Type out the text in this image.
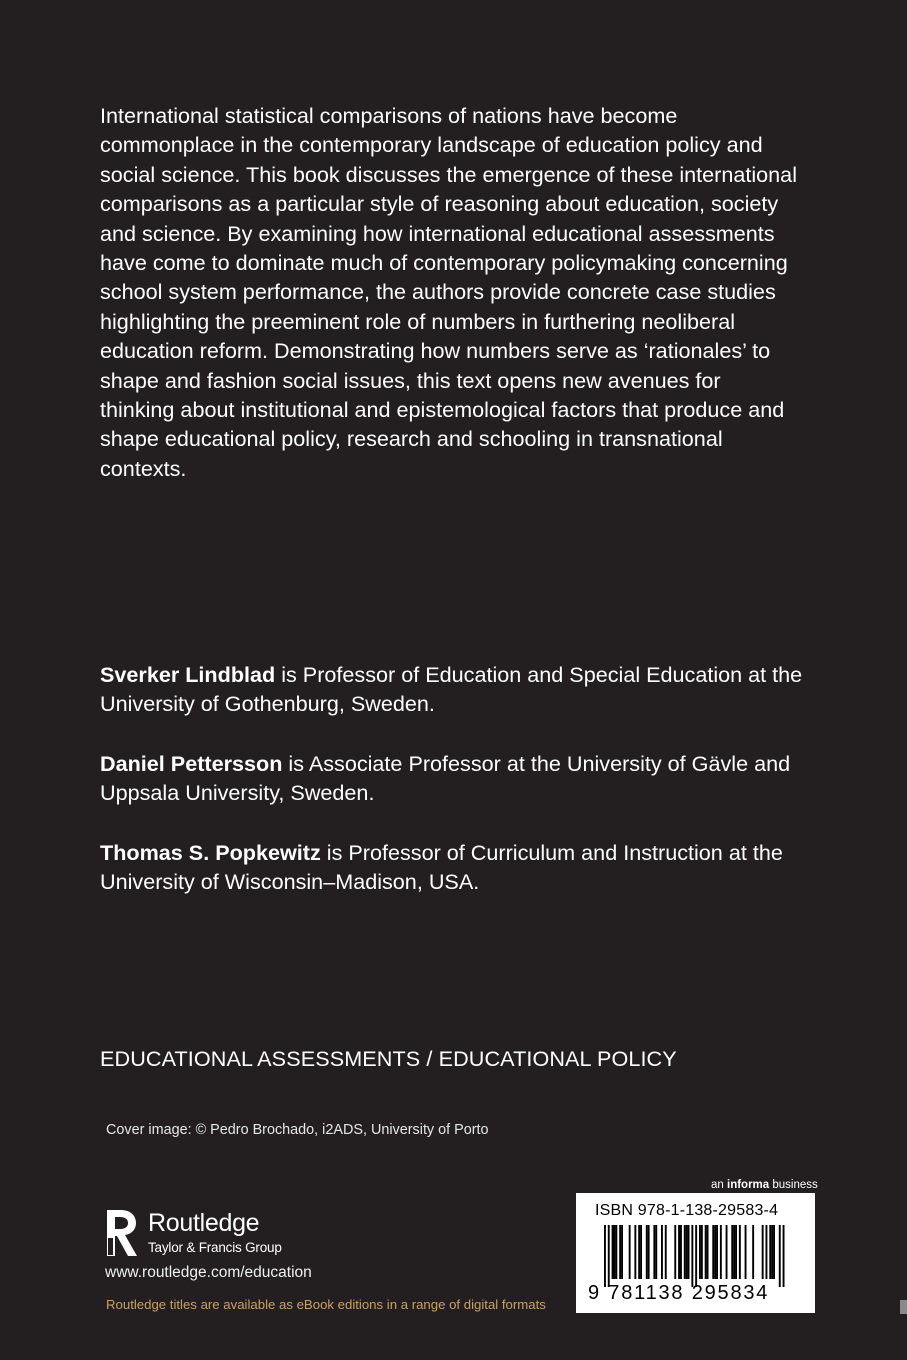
International statistical comparisons of nations have become commonplace in the contemporary landscape of education policy and social science. This book discusses the emergence of these international comparisons as a particular style of reasoning about education, society and science. By examining how international educational assessments have come to dominate much of contemporary policymaking concerning school system performance, the authors provide concrete case studies highlighting the preeminent role of numbers in furthering neoliberal education reform. Demonstrating how numbers serve as ‘rationales’ to shape and fashion social issues, this text opens new avenues for thinking about institutional and epistemological factors that produce and shape educational policy, research and schooling in transnational contexts.

Sverker Lindblad is Professor of Education and Special Education at the University of Gothenburg, Sweden.

Daniel Pettersson is Associate Professor at the University of Gävle and Uppsala University, Sweden.

Thomas S. Popkewitz is Professor of Curriculum and Instruction at the University of Wisconsin–Madison, USA.

EDUCATIONAL ASSESSMENTS / EDUCATIONAL POLICY

Cover image: © Pedro Brochado, i2ADS, University of Porto

Routledge
Taylor & Francis Group

www.routledge.com/education

Routledge titles are available as eBook editions in a range of digital formats

an informa business

ISBN 978-1-138-29583-4
9 781138 295834
